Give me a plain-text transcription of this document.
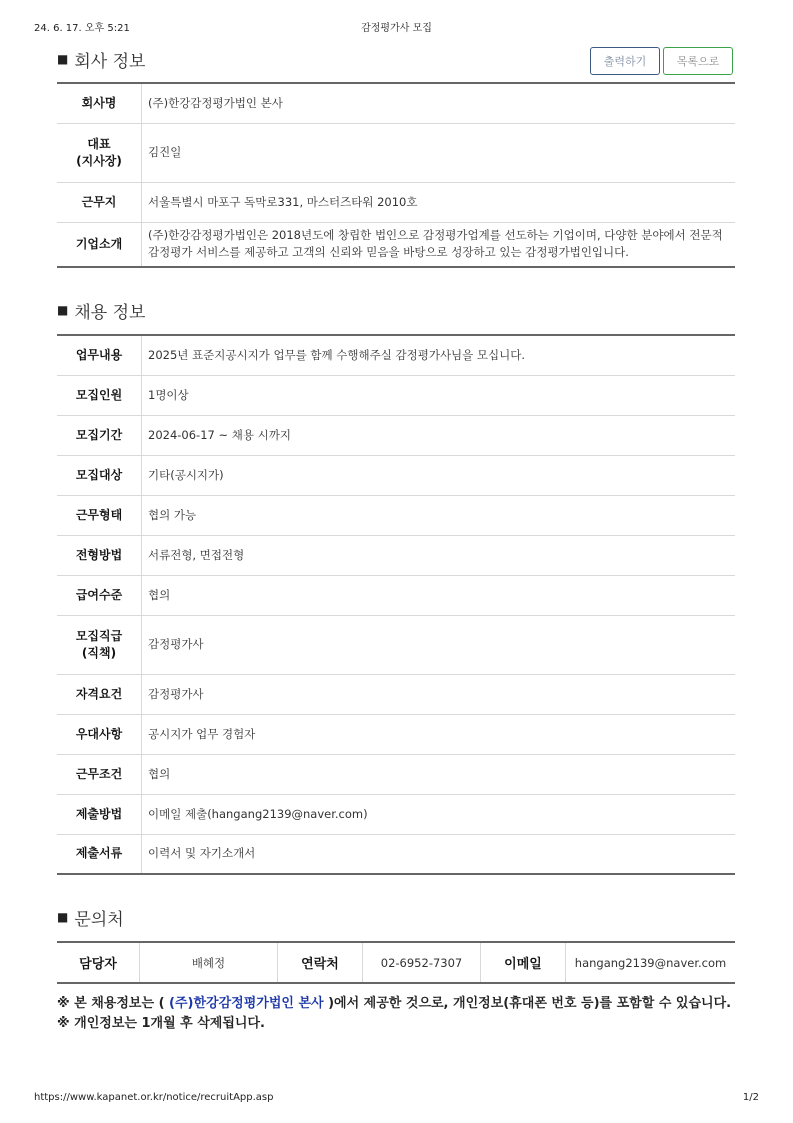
24. 6. 17. 오후 5:21	감정평가사 모집
■ 회사 정보	출력하기	목록으로
회사명	(주)한강감정평가법인 본사

대표
(지사장)	김진일
근무지	서울특별시 마포구 독막로331, 마스터즈타워 2010호
기업소개	(주)한강감정평가법인은 2018년도에 창립한 법인으로 감정평가업계를 선도하는 기업이며, 다양한 분야에서 전문적 감정평가 서비스를 제공하고 고객의 신뢰와 믿음을 바탕으로 성장하고 있는 감정평가법인입니다.
■ 채용 정보
업무내용	2025년 표준지공시지가 업무를 함께 수행해주실 감정평가사님을 모십니다.
모집인원	1명이상
모집기간	2024-06-17 ~ 채용 시까지
모집대상	기타(공시지가)
근무형태	협의 가능
전형방법	서류전형, 면접전형
급여수준	협의

모집직급
(직책)	감정평가사
자격요건	감정평가사
우대사항	공시지가 업무 경험자
근무조건	협의
제출방법	이메일 제출(hangang2139@naver.com)
제출서류	이력서 및 자기소개서
■ 문의처
담당자	배혜정	연락처	02-6952-7307	이메일	hangang2139@naver.com
※ 본 채용정보는 ( (주)한강감정평가법인 본사 )에서 제공한 것으로, 개인정보(휴대폰 번호 등)를 포함할 수 있습니다.
※ 개인정보는 1개월 후 삭제됩니다.
https://www.kapanet.or.kr/notice/recruitApp.asp	1/2
